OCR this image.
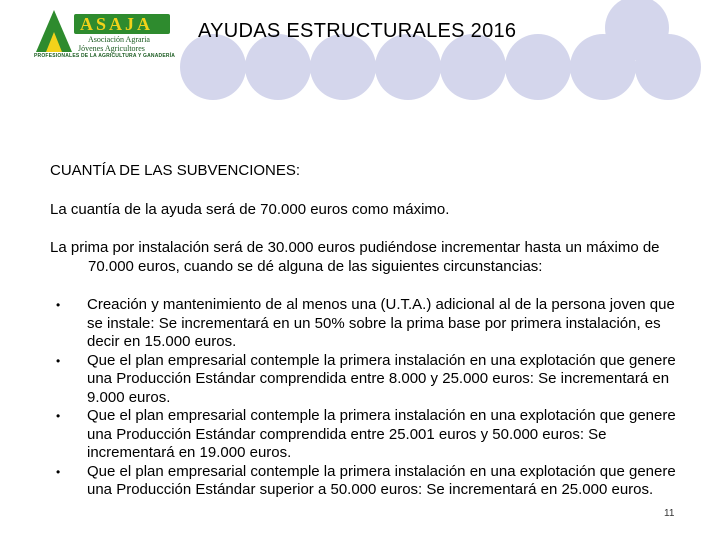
ASAJA
Asociación Agraria
Jóvenes Agricultores
PROFESIONALES DE LA AGRICULTURA Y GANADERÍA
AYUDAS ESTRUCTURALES 2016

CUANTÍA DE LAS SUBVENCIONES:

La cuantía de la ayuda será de 70.000 euros como máximo.

La prima por instalación será de 30.000 euros pudiéndose incrementar hasta un máximo de 70.000 euros, cuando se dé alguna de las siguientes circunstancias:

• Creación y mantenimiento de al menos una (U.T.A.) adicional al de la persona joven que se instale: Se incrementará en un 50% sobre la prima base por primera instalación, es decir en 15.000 euros.
• Que el plan empresarial contemple la primera instalación en una explotación que genere una Producción Estándar comprendida entre 8.000 y 25.000 euros: Se incrementará en 9.000 euros.
• Que el plan empresarial contemple la primera instalación en una explotación que genere una Producción Estándar comprendida entre 25.001 euros y 50.000 euros: Se incrementará en 19.000 euros.
• Que el plan empresarial contemple la primera instalación en una explotación que genere una Producción Estándar superior a 50.000 euros: Se incrementará en 25.000 euros.
11
